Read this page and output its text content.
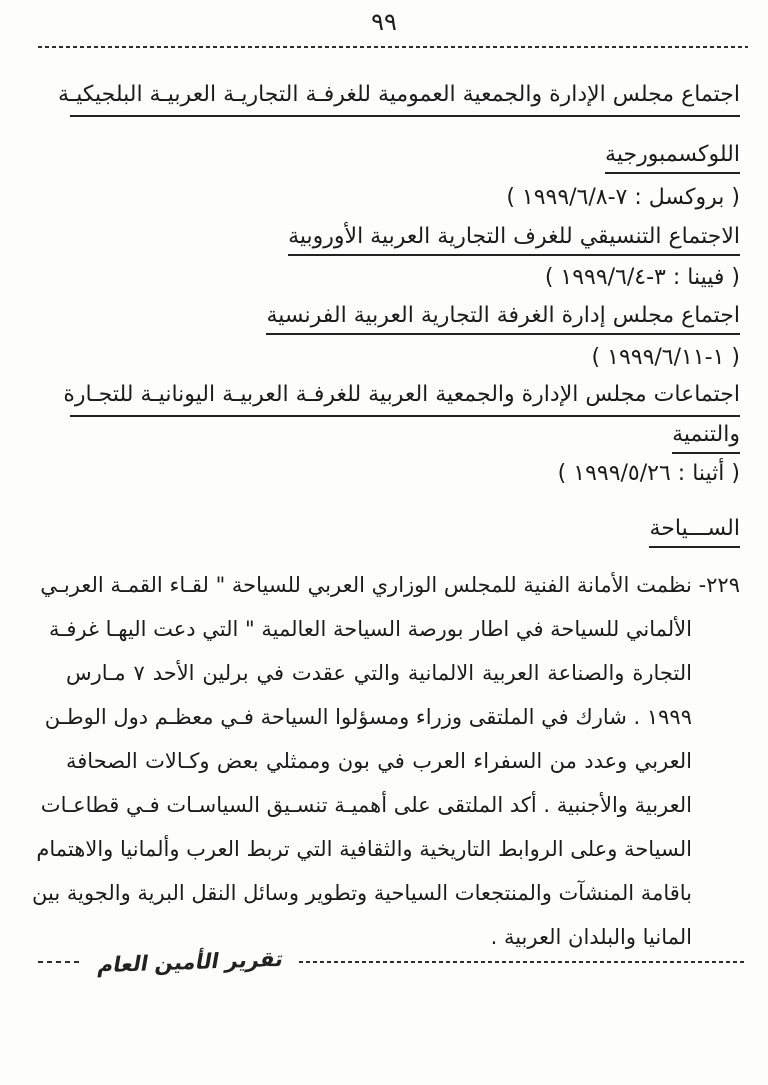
٩٩
اجتماع مجلس الإدارة والجمعية العمومية للغرفـة التجاريـة العربيـة البلجيكيـة
اللوكسمبورجية
( بروكسل : ‭١٩٩٩/٦/٨-٧‬ )
الاجتماع التنسيقي للغرف التجارية العربية الأوروبية
( فيينا : ‭١٩٩٩/٦/٤-٣‬ )
اجتماع مجلس إدارة الغرفة التجارية العربية الفرنسية
( ‭١٩٩٩/٦/١١-١‬ )
اجتماعات مجلس الإدارة والجمعية العربية للغرفـة العربيـة اليونانيـة للتجـارة
والتنمية
( أثينا : ‭١٩٩٩/٥/٢٦‬ )
الســـياحة
٢٢٩- نظمت الأمانة الفنية للمجلس الوزاري العربي للسياحة " لقـاء القمـة العربـي
الألماني للسياحة في اطار بورصة السياحة العالمية " التي دعت اليهـا غرفـة
التجارة والصناعة العربية الالمانية والتي عقدت في برلين الأحد ٧ مـارس
١٩٩٩ . شارك في الملتقى وزراء ومسؤلوا السياحة فـي معظـم دول الوطـن
العربي وعدد من السفراء العرب في بون وممثلي بعض وكـالات الصحافة
العربية والأجنبية . أكد الملتقى على أهميـة تنسـيق السياسـات فـي قطاعـات
السياحة وعلى الروابط التاريخية والثقافية التي تربط العرب وألمانيا والاهتمام
باقامة المنشآت والمنتجعات السياحية وتطوير وسائل النقل البرية والجوية بين
المانيا والبلدان العربية .
تقرير الأمين العام
